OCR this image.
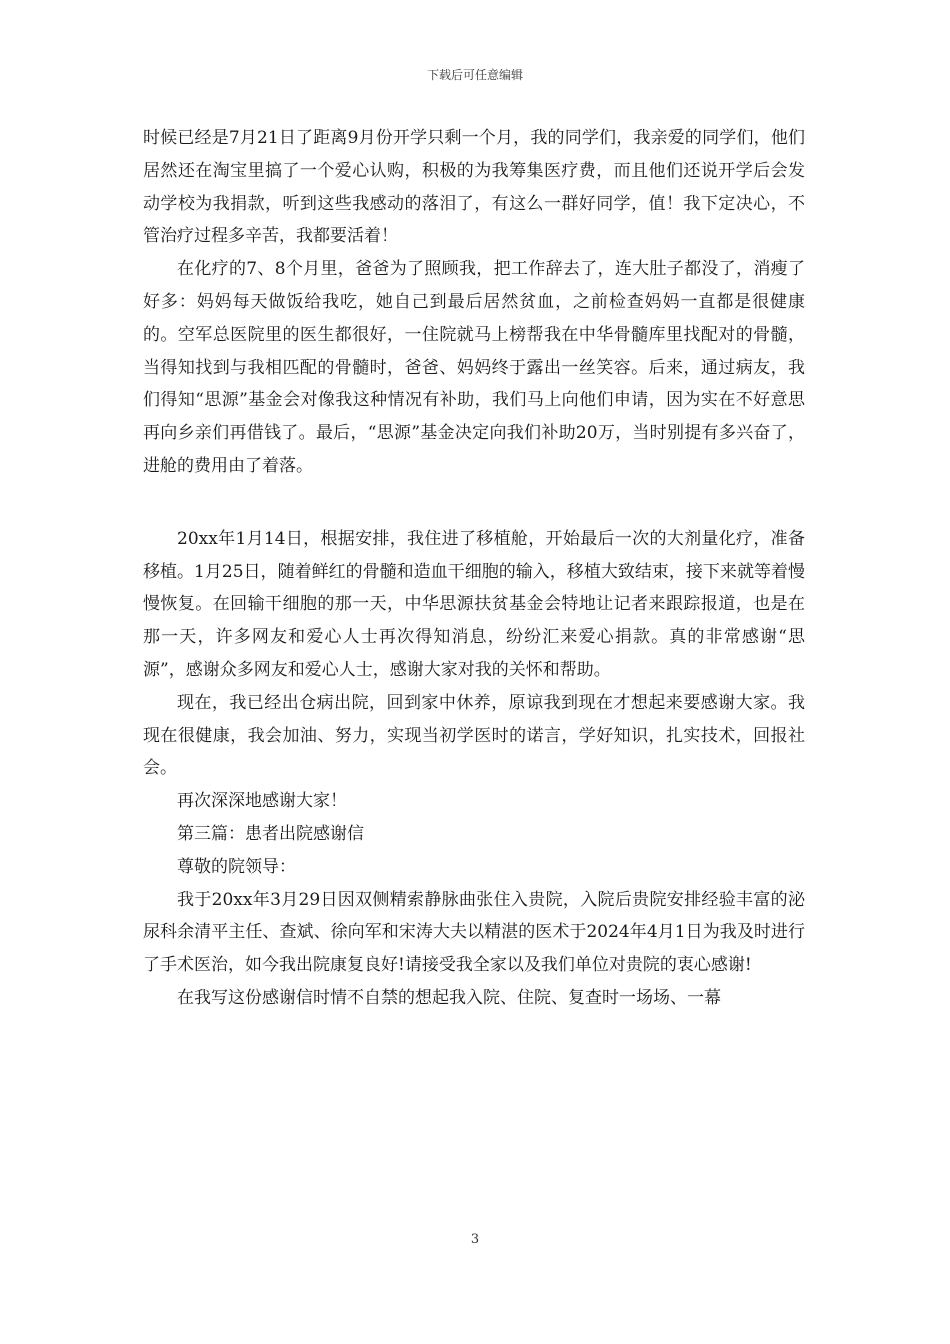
下载后可任意编辑

时候已经是7月21日了距离9月份开学只剩一个月，我的同学们，我亲爱的同学们，他们居然还在淘宝里搞了一个爱心认购，积极的为我筹集医疗费，而且他们还说开学后会发动学校为我捐款，听到这些我感动的落泪了，有这么一群好同学，值！我下定决心，不管治疗过程多辛苦，我都要活着！

在化疗的7、8个月里，爸爸为了照顾我，把工作辞去了，连大肚子都没了，消瘦了好多：妈妈每天做饭给我吃，她自己到最后居然贫血，之前检查妈妈一直都是很健康的。空军总医院里的医生都很好，一住院就马上榜帮我在中华骨髓库里找配对的骨髓，当得知找到与我相匹配的骨髓时，爸爸、妈妈终于露出一丝笑容。后来，通过病友，我们得知“思源”基金会对像我这种情况有补助，我们马上向他们申请，因为实在不好意思再向乡亲们再借钱了。最后，“思源”基金决定向我们补助20万，当时别提有多兴奋了，进舱的费用由了着落。

20xx年1月14日，根据安排，我住进了移植舱，开始最后一次的大剂量化疗，准备移植。1月25日，随着鲜红的骨髓和造血干细胞的输入，移植大致结束，接下来就等着慢慢恢复。在回输干细胞的那一天，中华思源扶贫基金会特地让记者来跟踪报道，也是在那一天，许多网友和爱心人士再次得知消息，纷纷汇来爱心捐款。真的非常感谢“思源”，感谢众多网友和爱心人士，感谢大家对我的关怀和帮助。

现在，我已经出仓病出院，回到家中休养，原谅我到现在才想起来要感谢大家。我现在很健康，我会加油、努力，实现当初学医时的诺言，学好知识，扎实技术，回报社会。

再次深深地感谢大家！

第三篇：患者出院感谢信

尊敬的院领导：

我于20xx年3月29日因双侧精索静脉曲张住入贵院，入院后贵院安排经验丰富的泌尿科余清平主任、查斌、徐向军和宋涛大夫以精湛的医术于2024年4月1日为我及时进行了手术医治，如今我出院康复良好!请接受我全家以及我们单位对贵院的衷心感谢!

在我写这份感谢信时情不自禁的想起我入院、住院、复查时一场场、一幕

3
